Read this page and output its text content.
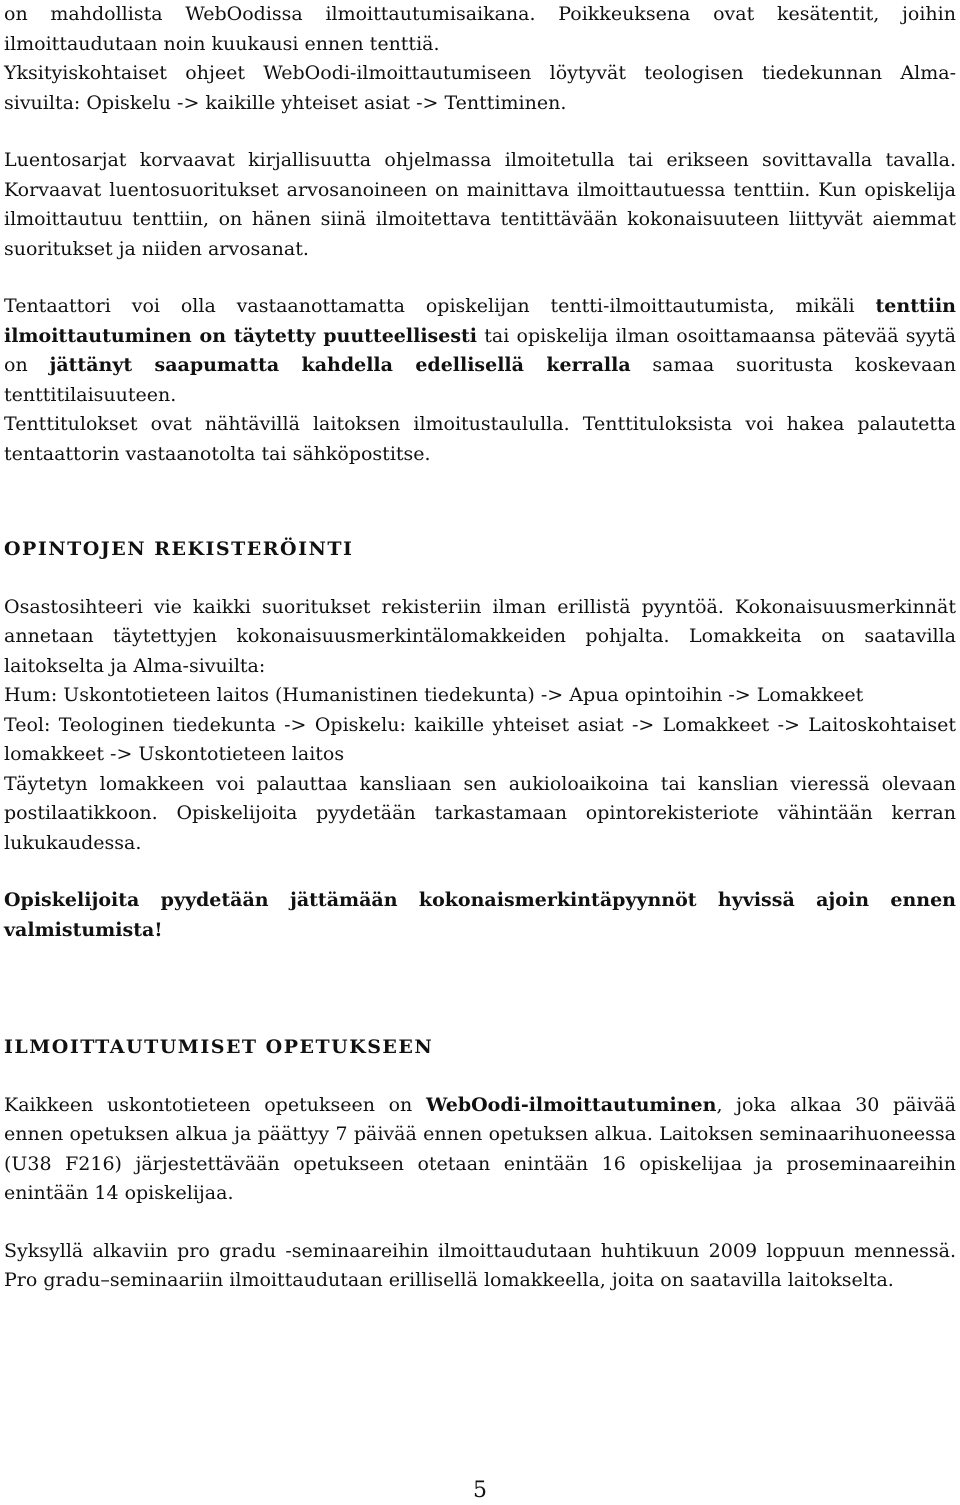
on mahdollista WebOodissa ilmoittautumisaikana. Poikkeuksena ovat kesätentit, joihin ilmoittaudutaan noin kuukausi ennen tenttiä.

Yksityiskohtaiset ohjeet WebOodi-ilmoittautumiseen löytyvät teologisen tiedekunnan Alma-sivuilta: Opiskelu -> kaikille yhteiset asiat -> Tenttiminen.

Luentosarjat korvaavat kirjallisuutta ohjelmassa ilmoitetulla tai erikseen sovittavalla tavalla. Korvaavat luentosuoritukset arvosanoineen on mainittava ilmoittautuessa tenttiin. Kun opiskelija ilmoittautuu tenttiin, on hänen siinä ilmoitettava tentittävään kokonaisuuteen liittyvät aiemmat suoritukset ja niiden arvosanat.

Tentaattori voi olla vastaanottamatta opiskelijan tentti-ilmoittautumista, mikäli tenttiin ilmoittautuminen on täytetty puutteellisesti tai opiskelija ilman osoittamaansa pätevää syytä on jättänyt saapumatta kahdella edellisellä kerralla samaa suoritusta koskevaan tenttitilaisuuteen.

Tenttitulokset ovat nähtävillä laitoksen ilmoitustaululla. Tenttituloksista voi hakea palautetta tentaattorin vastaanotolta tai sähköpostitse.

OPINTOJEN REKISTERÖINTI

Osastosihteeri vie kaikki suoritukset rekisteriin ilman erillistä pyyntöä. Kokonaisuusmerkinnät annetaan täytettyjen kokonaisuusmerkintälomakkeiden pohjalta. Lomakkeita on saatavilla laitokselta ja Alma-sivuilta:

Hum: Uskontotieteen laitos (Humanistinen tiedekunta) -> Apua opintoihin -> Lomakkeet

Teol: Teologinen tiedekunta -> Opiskelu: kaikille yhteiset asiat -> Lomakkeet -> Laitoskohtaiset lomakkeet -> Uskontotieteen laitos

Täytetyn lomakkeen voi palauttaa kansliaan sen aukioloaikoina tai kanslian vieressä olevaan postilaatikkoon. Opiskelijoita pyydetään tarkastamaan opintorekisteriote vähintään kerran lukukaudessa.

Opiskelijoita pyydetään jättämään kokonaismerkintäpyynnöt hyvissä ajoin ennen valmistumista!

ILMOITTAUTUMISET OPETUKSEEN

Kaikkeen uskontotieteen opetukseen on WebOodi-ilmoittautuminen, joka alkaa 30 päivää ennen opetuksen alkua ja päättyy 7 päivää ennen opetuksen alkua. Laitoksen seminaarihuoneessa (U38 F216) järjestettävään opetukseen otetaan enintään 16 opiskelijaa ja proseminaareihin enintään 14 opiskelijaa.

Syksyllä alkaviin pro gradu -seminaareihin ilmoittaudutaan huhtikuun 2009 loppuun mennessä. Pro gradu–seminaariin ilmoittaudutaan erillisellä lomakkeella, joita on saatavilla laitokselta.

5
